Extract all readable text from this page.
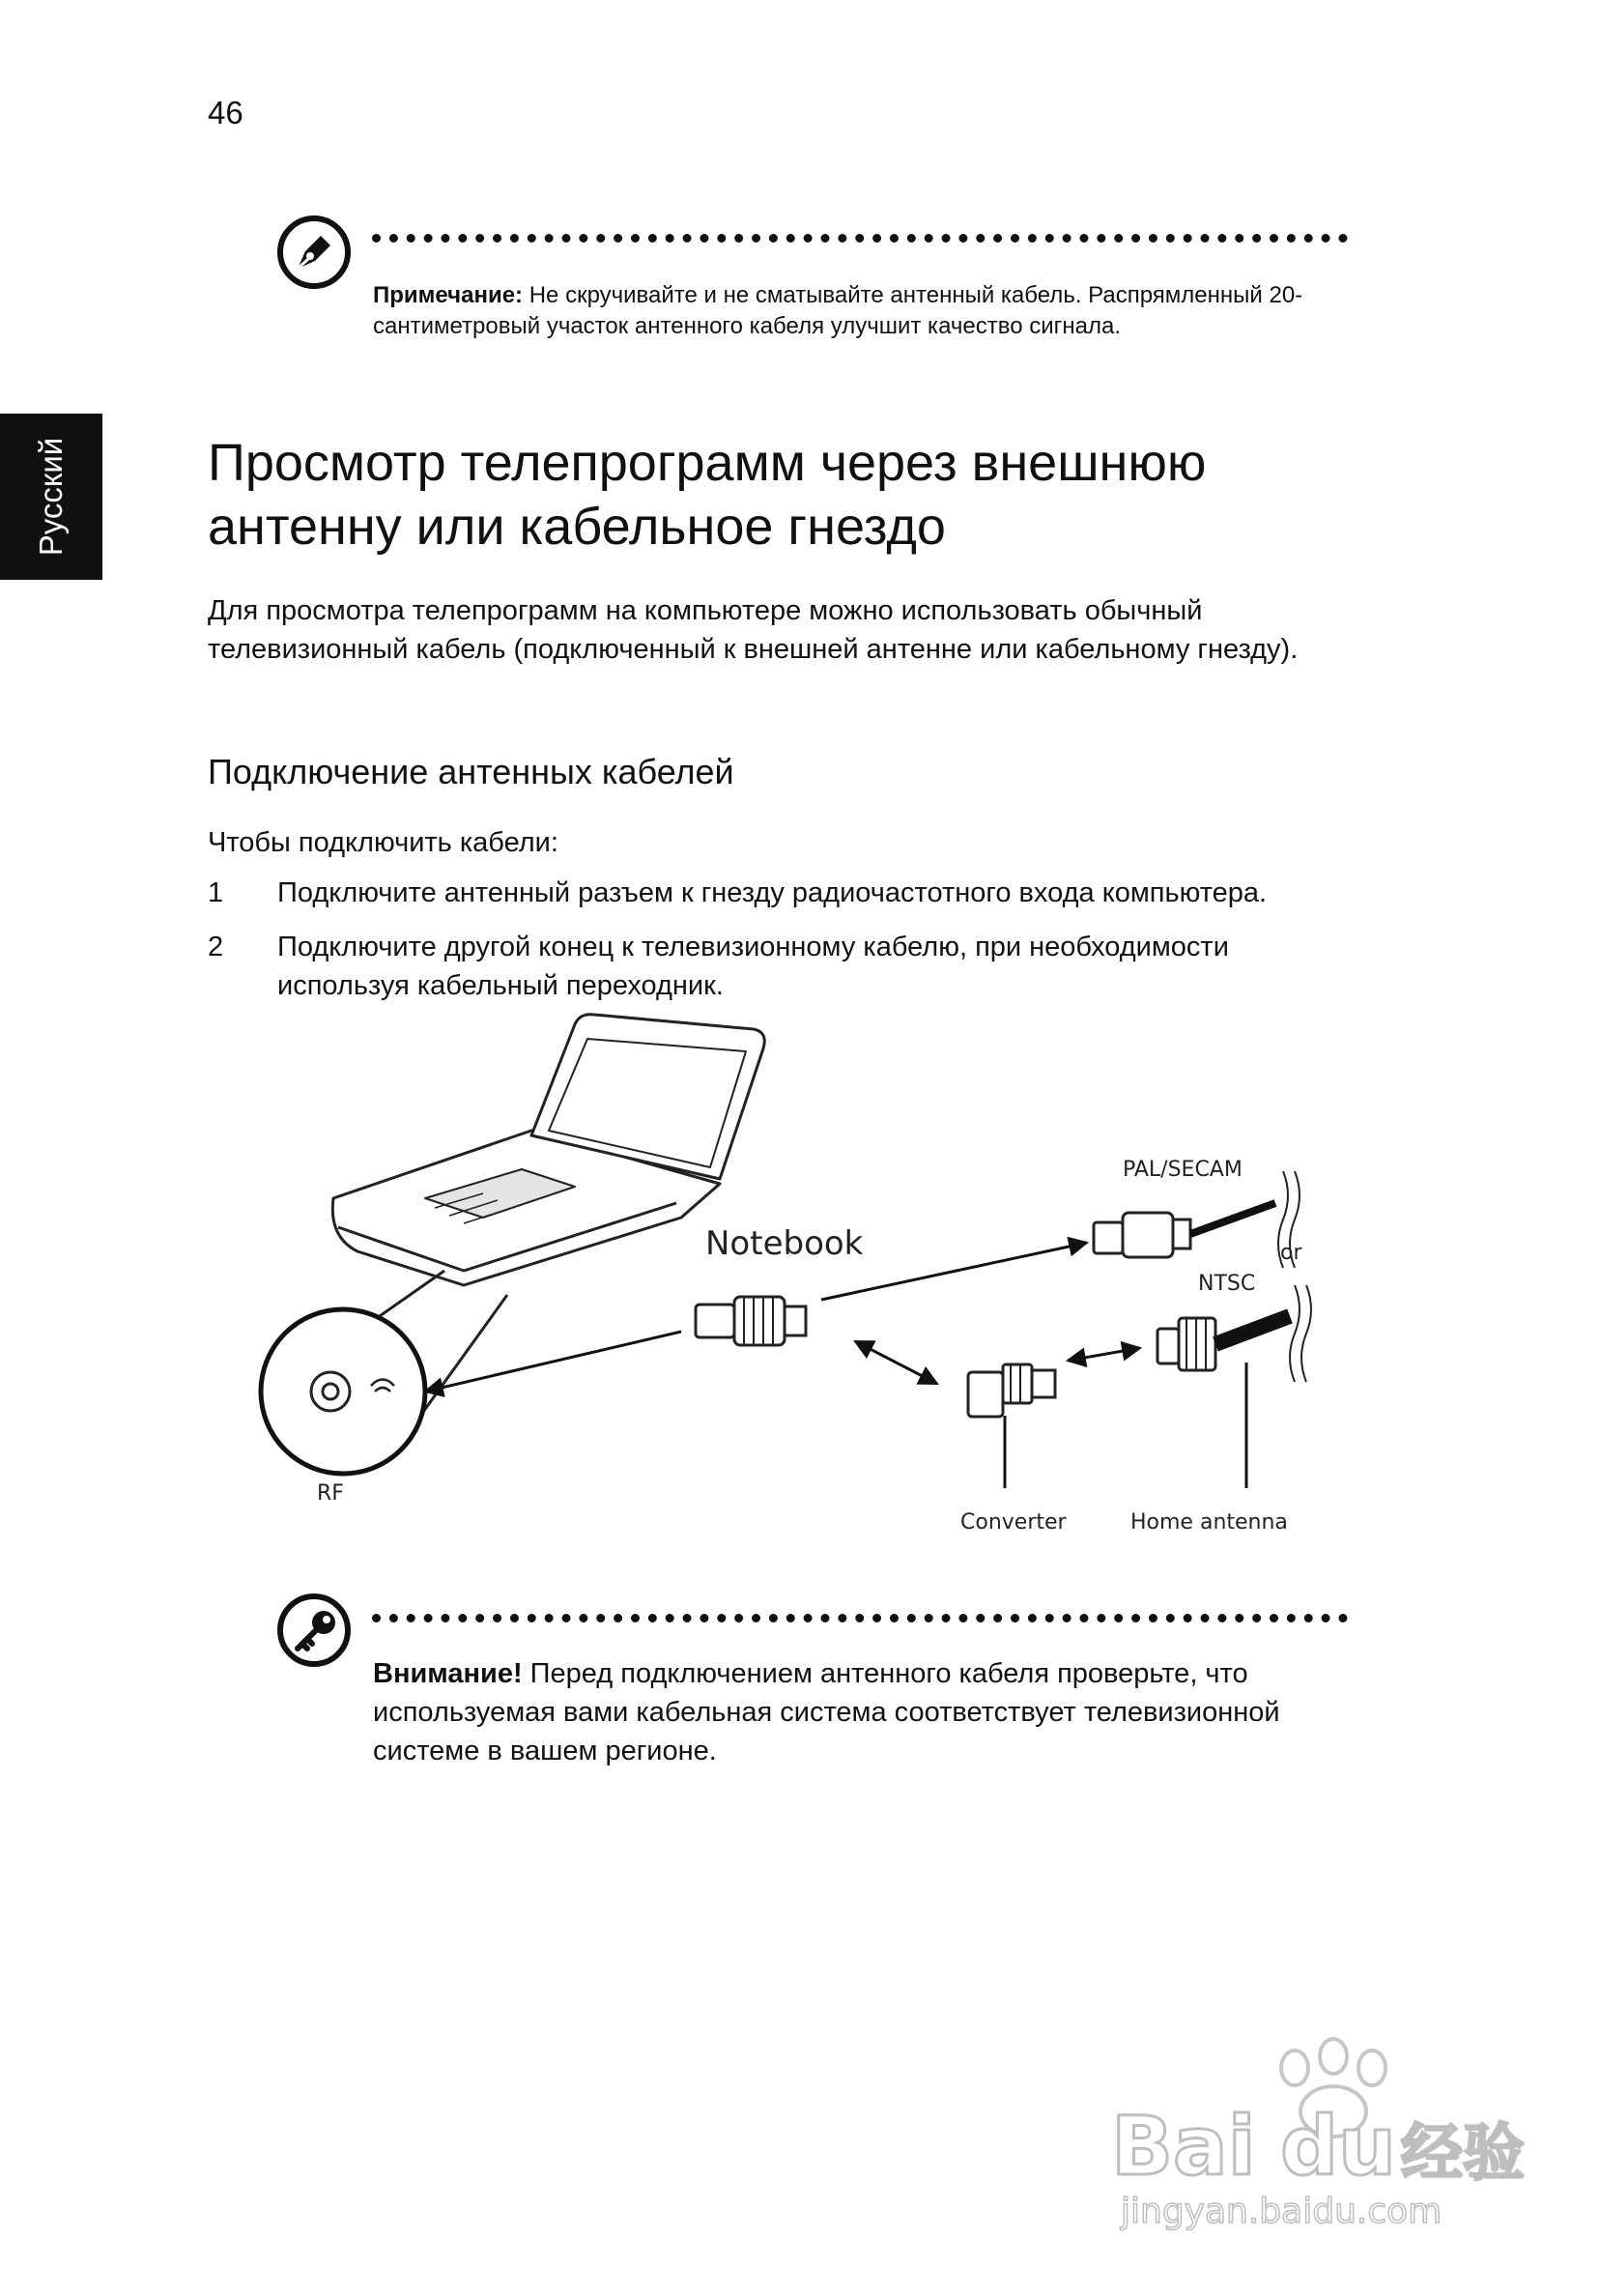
46
Русский
Примечание: Не скручивайте и не сматывайте антенный кабель. Распрямленный 20-сантиметровый участок антенного кабеля улучшит качество сигнала.
Просмотр телепрограмм через внешнюю антенну или кабельное гнездо
Для просмотра телепрограмм на компьютере можно использовать обычный телевизионный кабель (подключенный к внешней антенне или кабельному гнезду).
Подключение антенных кабелей
Чтобы подключить кабели:
1	Подключите антенный разъем к гнезду радиочастотного входа компьютера.
2	Подключите другой конец к телевизионному кабелю, при необходимости используя кабельный переходник.
RF
Notebook
PAL/SECAM
or
NTSC
Converter	Home antenna
Внимание! Перед подключением антенного кабеля проверьте, что используемая вами кабельная система соответствует телевизионной системе в вашем регионе.
Bai du 经验
jingyan.baidu.com
